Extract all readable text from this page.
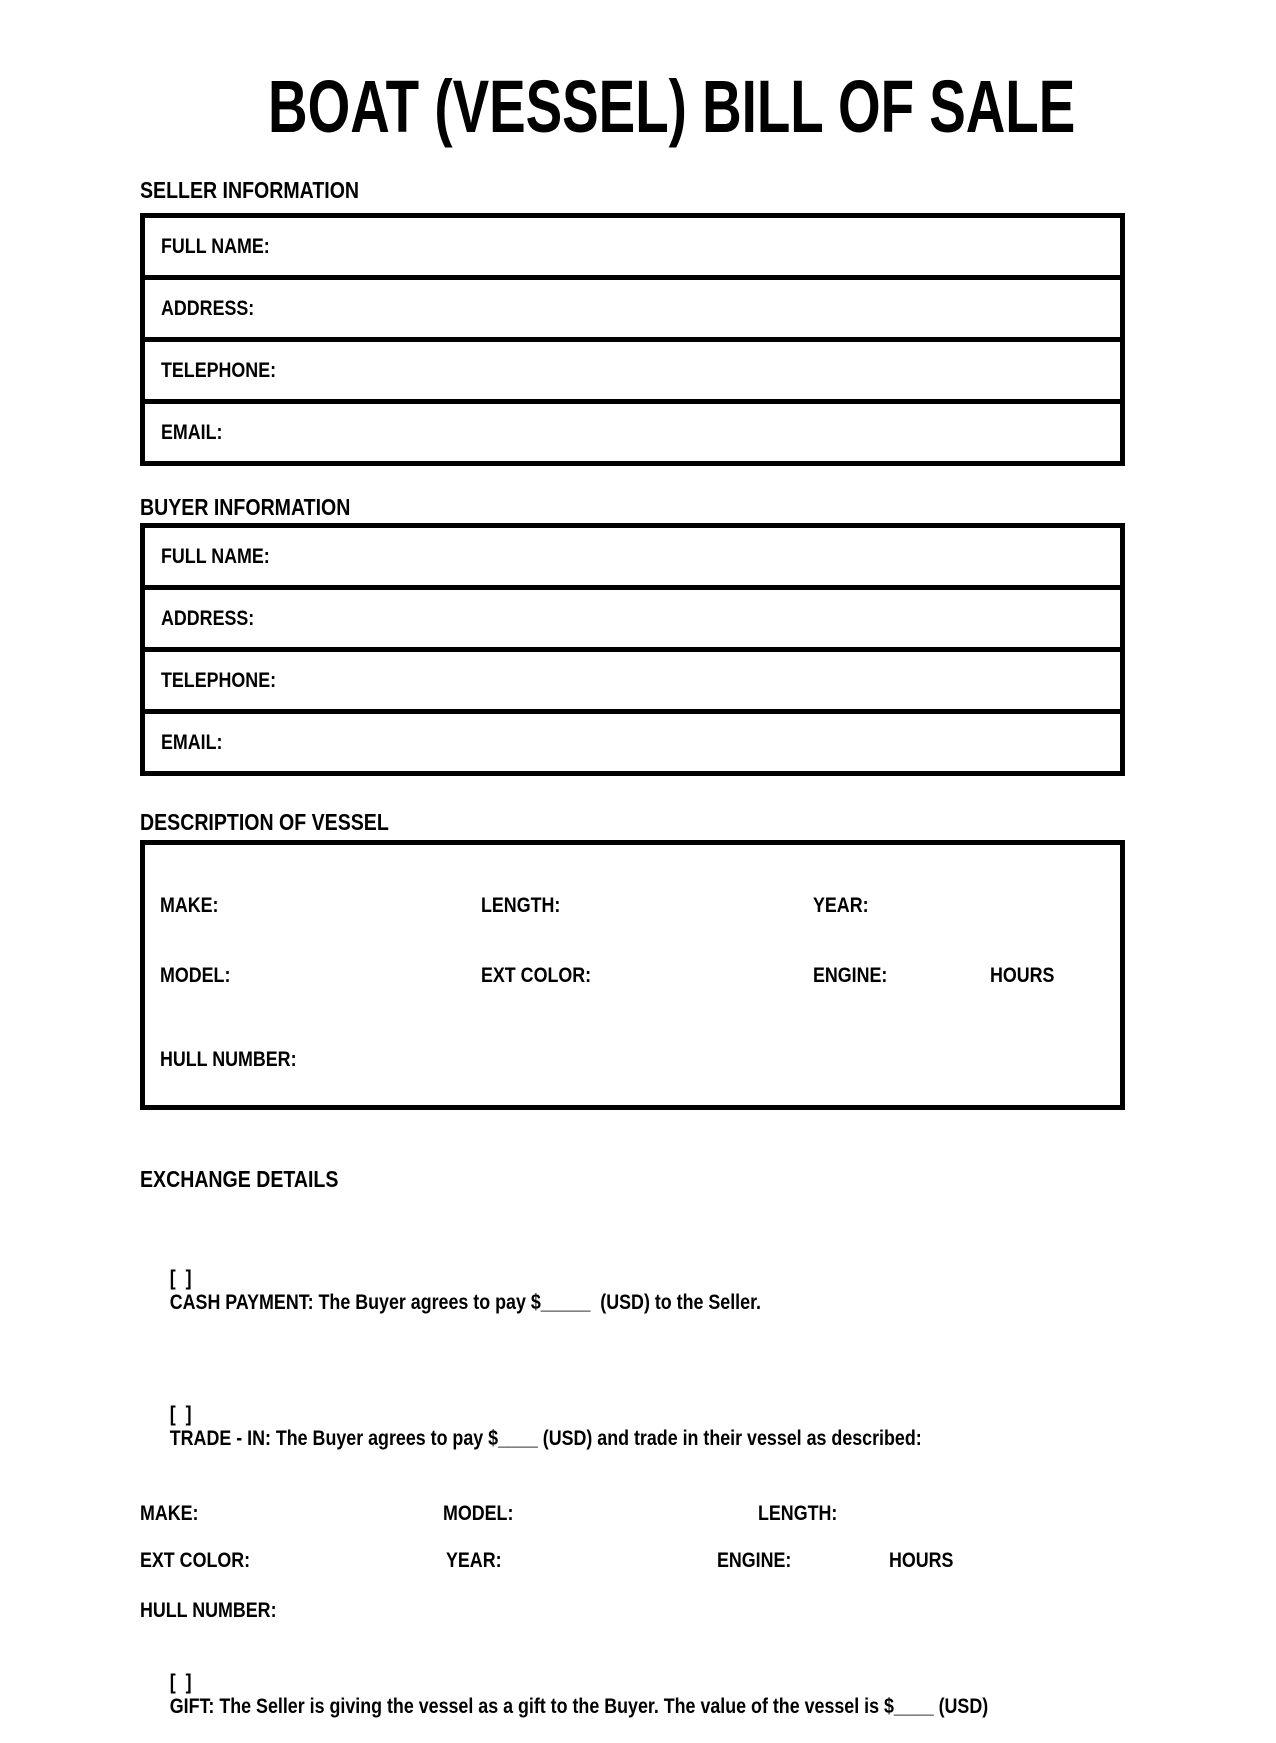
BOAT (VESSEL) BILL OF SALE
SELLER INFORMATION
FULL NAME:
ADDRESS:
TELEPHONE:
EMAIL:
BUYER INFORMATION
FULL NAME:
ADDRESS:
TELEPHONE:
EMAIL:
DESCRIPTION OF VESSEL
MAKE:	LENGTH:	YEAR:
MODEL:	EXT COLOR:	ENGINE:	HOURS
HULL NUMBER:
EXCHANGE DETAILS

[  ]
CASH PAYMENT: The Buyer agrees to pay $_____  (USD) to the Seller.

[  ]
TRADE - IN: The Buyer agrees to pay $____ (USD) and trade in their vessel as described:

MAKE:	MODEL:	LENGTH:
EXT COLOR:	YEAR:	ENGINE:	HOURS
HULL NUMBER:

[  ]
GIFT: The Seller is giving the vessel as a gift to the Buyer. The value of the vessel is $____ (USD)
